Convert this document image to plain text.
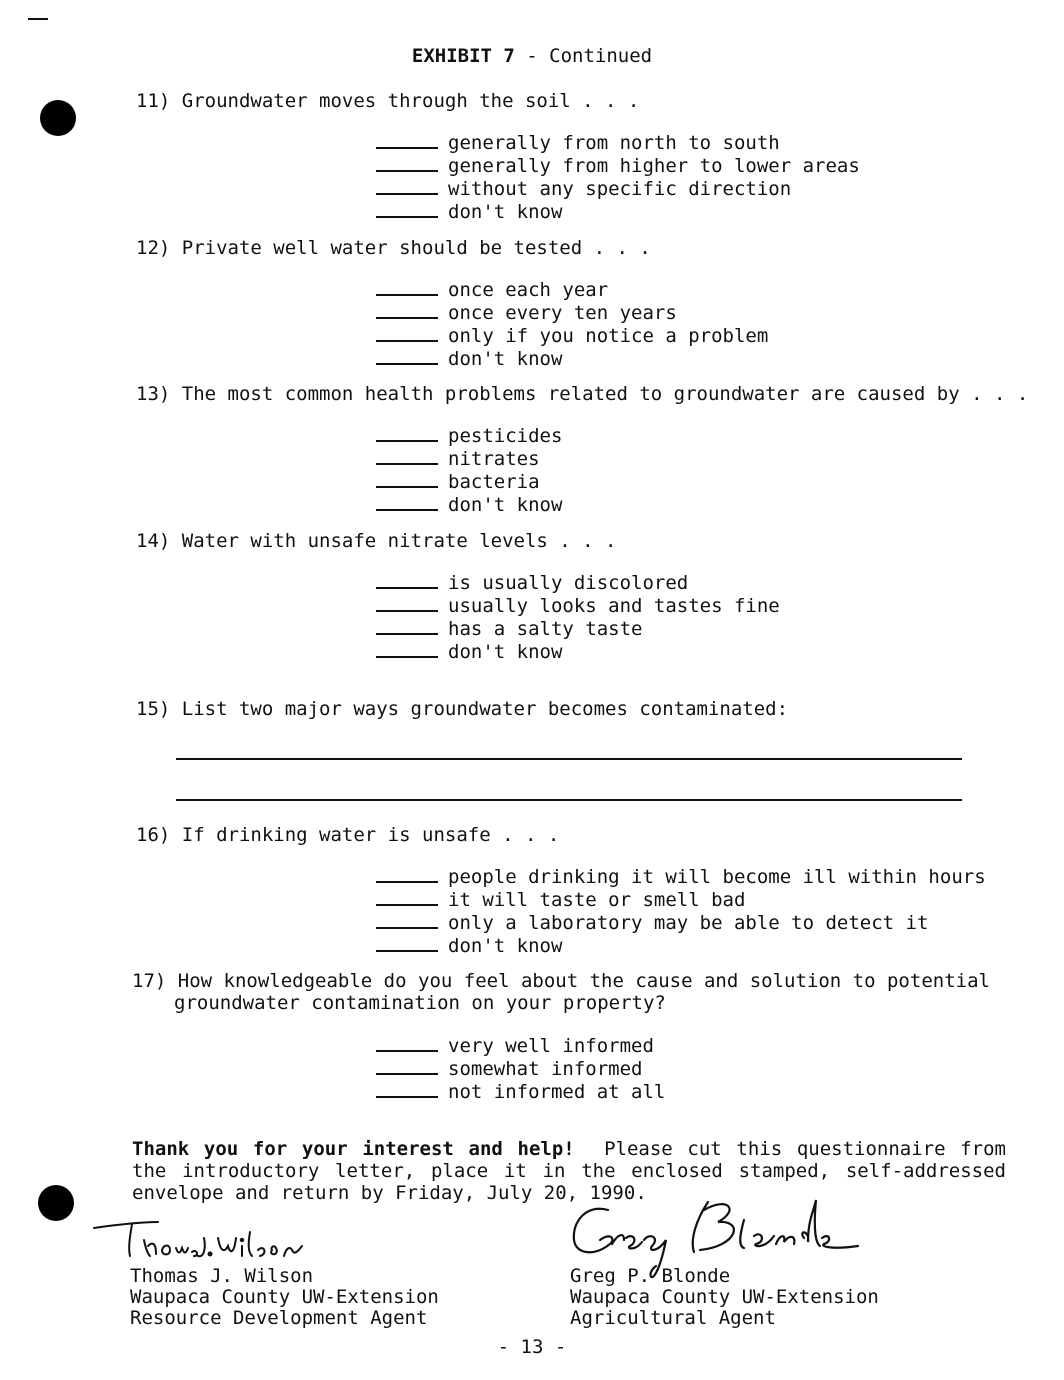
EXHIBIT 7 - Continued
11) Groundwater moves through the soil . . .
generally from north to south
generally from higher to lower areas
without any specific direction
don't know
12) Private well water should be tested . . .
once each year
once every ten years
only if you notice a problem
don't know
13) The most common health problems related to groundwater are caused by . . .
pesticides
nitrates
bacteria
don't know
14) Water with unsafe nitrate levels . . .
is usually discolored
usually looks and tastes fine
has a salty taste
don't know
15) List two major ways groundwater becomes contaminated:
16) If drinking water is unsafe . . .
people drinking it will become ill within hours
it will taste or smell bad
only a laboratory may be able to detect it
don't know
17) How knowledgeable do you feel about the cause and solution to potential
groundwater contamination on your property?
very well informed
somewhat informed
not informed at all
Thank you for your interest and help! Please cut this questionnaire from the introductory letter, place it in the enclosed stamped, self-addressed envelope and return by Friday, July 20, 1990.
Thomas J. Wilson
Waupaca County UW-Extension
Resource Development Agent
Greg P. Blonde
Waupaca County UW-Extension
Agricultural Agent
- 13 -
